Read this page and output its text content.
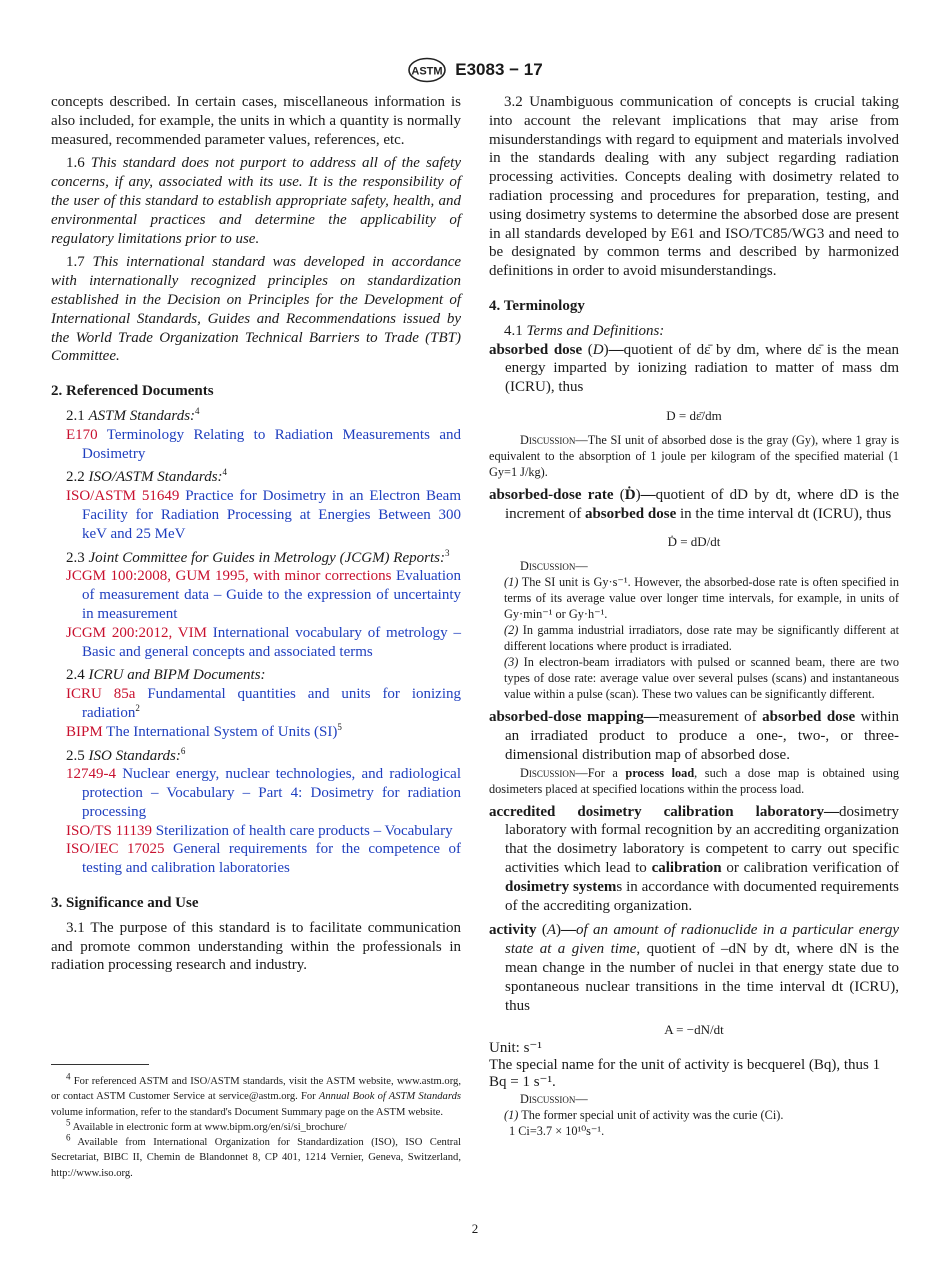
ASTM E3083 − 17

concepts described. In certain cases, miscellaneous information is also included, for example, the units in which a quantity is normally measured, recommended parameter values, references, etc.

1.6 This standard does not purport to address all of the safety concerns, if any, associated with its use. It is the responsibility of the user of this standard to establish appropriate safety, health, and environmental practices and determine the applicability of regulatory limitations prior to use.

1.7 This international standard was developed in accordance with internationally recognized principles on standardization established in the Decision on Principles for the Development of International Standards, Guides and Recommendations issued by the World Trade Organization Technical Barriers to Trade (TBT) Committee.

2. Referenced Documents

2.1 ASTM Standards:$^4$

E170 Terminology Relating to Radiation Measurements and Dosimetry

2.2 ISO/ASTM Standards:$^4$

ISO/ASTM 51649 Practice for Dosimetry in an Electron Beam Facility for Radiation Processing at Energies Between 300 keV and 25 MeV

2.3 Joint Committee for Guides in Metrology (JCGM) Reports:$^3$

JCGM 100:2008, GUM 1995, with minor corrections Evaluation of measurement data – Guide to the expression of uncertainty in measurement

JCGM 200:2012, VIM International vocabulary of metrology – Basic and general concepts and associated terms

2.4 ICRU and BIPM Documents:

ICRU 85a Fundamental quantities and units for ionizing radiation$^2$

BIPM The International System of Units (SI)$^5$

2.5 ISO Standards:$^6$

12749-4 Nuclear energy, nuclear technologies, and radiological protection – Vocabulary – Part 4: Dosimetry for radiation processing

ISO/TS 11139 Sterilization of health care products – Vocabulary

ISO/IEC 17025 General requirements for the competence of testing and calibration laboratories

3. Significance and Use

3.1 The purpose of this standard is to facilitate communication and promote common understanding within the professionals in radiation processing research and industry.

$^4$ For referenced ASTM and ISO/ASTM standards, visit the ASTM website, www.astm.org, or contact ASTM Customer Service at service@astm.org. For Annual Book of ASTM Standards volume information, refer to the standard's Document Summary page on the ASTM website.

$^5$ Available in electronic form at www.bipm.org/en/si/si_brochure/

$^6$ Available from International Organization for Standardization (ISO), ISO Central Secretariat, BIBC II, Chemin de Blandonnet 8, CP 401, 1214 Vernier, Geneva, Switzerland, http://www.iso.org.

3.2 Unambiguous communication of concepts is crucial taking into account the relevant implications that may arise from misunderstandings with regard to equipment and materials involved in the standards dealing with any subject regarding radiation processing activities. Concepts dealing with dosimetry related to radiation processing and procedures for preparation, testing, and using dosimetry systems to determine the absorbed dose are present in all standards developed by E61 and ISO/TC85/WG3 and need to be designated by common terms and described by harmonized definitions in order to avoid misunderstandings.

4. Terminology

4.1 Terms and Definitions:

absorbed dose (D)—quotient of dε̄ by dm, where dε̄ is the mean energy imparted by ionizing radiation to matter of mass dm (ICRU), thus

D = dε̄/dm

Discussion—The SI unit of absorbed dose is the gray (Gy), where 1 gray is equivalent to the absorption of 1 joule per kilogram of the specified material (1 Gy=1 J/kg).

absorbed-dose rate (Ḋ)—quotient of dD by dt, where dD is the increment of absorbed dose in the time interval dt (ICRU), thus

Ḋ = dD/dt

Discussion—

(1) The SI unit is Gy·s⁻¹. However, the absorbed-dose rate is often specified in terms of its average value over longer time intervals, for example, in units of Gy·min⁻¹ or Gy·h⁻¹.

(2) In gamma industrial irradiators, dose rate may be significantly different at different locations where product is irradiated.

(3) In electron-beam irradiators with pulsed or scanned beam, there are two types of dose rate: average value over several pulses (scans) and instantaneous value within a pulse (scan). These two values can be significantly different.

absorbed-dose mapping—measurement of absorbed dose within an irradiated product to produce a one-, two-, or three-dimensional distribution map of absorbed dose.

Discussion—For a process load, such a dose map is obtained using dosimeters placed at specified locations within the process load.

accredited dosimetry calibration laboratory—dosimetry laboratory with formal recognition by an accrediting organization that the dosimetry laboratory is competent to carry out specific activities which lead to calibration or calibration verification of dosimetry systems in accordance with documented requirements of the accrediting organization.

activity (A)—of an amount of radionuclide in a particular energy state at a given time, quotient of –dN by dt, where dN is the mean change in the number of nuclei in that energy state due to spontaneous nuclear transitions in the time interval dt (ICRU), thus

A = −dN/dt

Unit: s⁻¹

The special name for the unit of activity is becquerel (Bq), thus 1 Bq = 1 s⁻¹.

Discussion—

(1) The former special unit of activity was the curie (Ci).

1 Ci=3.7 × 10¹⁰s⁻¹.

2
